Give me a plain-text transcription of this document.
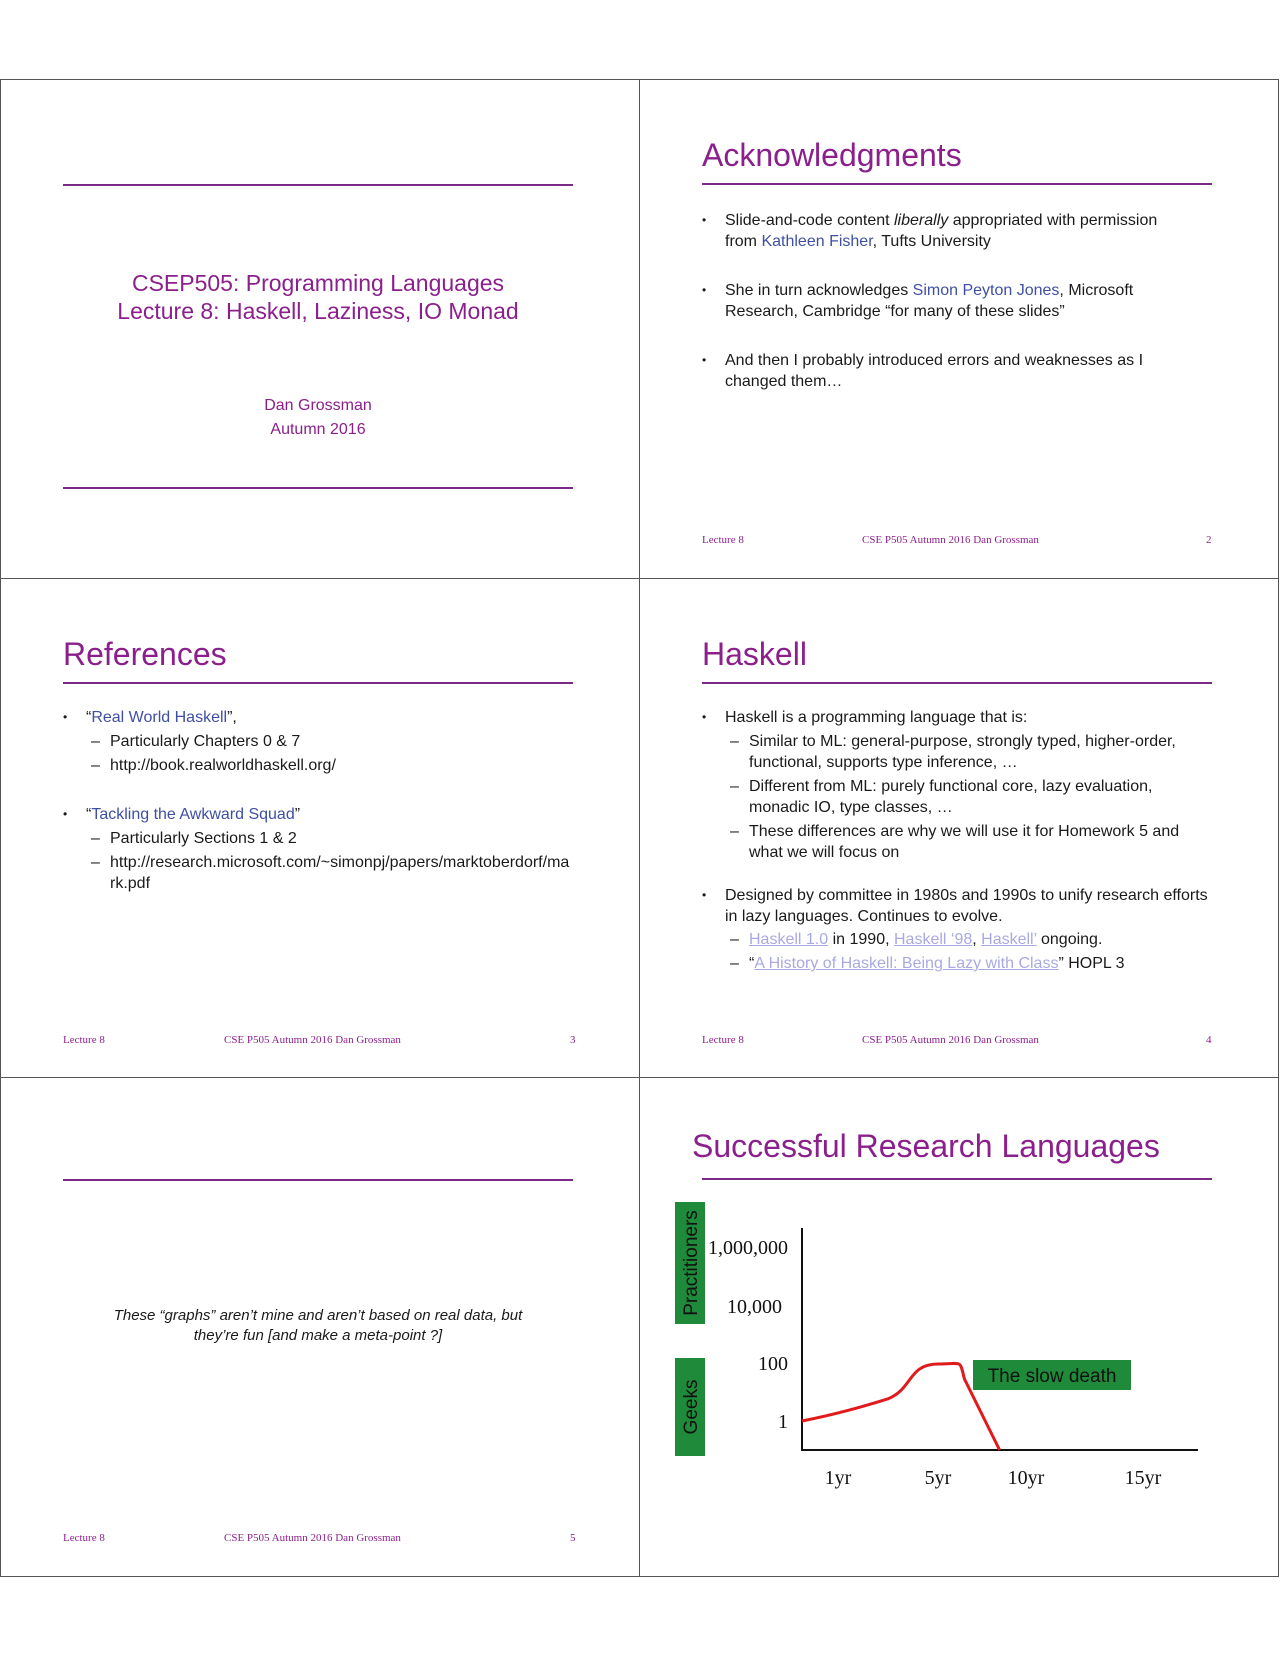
CSEP505: Programming Languages
Lecture 8: Haskell, Laziness, IO Monad
Dan Grossman
Autumn 2016
Acknowledgments
• Slide-and-code content liberally appropriated with permission from Kathleen Fisher, Tufts University
• She in turn acknowledges Simon Peyton Jones, Microsoft Research, Cambridge “for many of these slides”
• And then I probably introduced errors and weaknesses as I changed them…
Lecture 8	CSE P505 Autumn 2016 Dan Grossman	2
References
• “Real World Haskell”,
– Particularly Chapters 0 & 7
– http://book.realworldhaskell.org/
• “Tackling the Awkward Squad”
– Particularly Sections 1 & 2
– http://research.microsoft.com/~simonpj/papers/marktoberdorf/mark.pdf
Lecture 8	CSE P505 Autumn 2016 Dan Grossman	3
Haskell
• Haskell is a programming language that is:
– Similar to ML: general-purpose, strongly typed, higher-order, functional, supports type inference, …
– Different from ML: purely functional core, lazy evaluation, monadic IO, type classes, …
– These differences are why we will use it for Homework 5 and what we will focus on
• Designed by committee in 1980s and 1990s to unify research efforts in lazy languages. Continues to evolve.
– Haskell 1.0 in 1990, Haskell ‘98, Haskell’ ongoing.
– “A History of Haskell: Being Lazy with Class” HOPL 3
Lecture 8	CSE P505 Autumn 2016 Dan Grossman	4
These “graphs” aren’t mine and aren’t based on real data, but
they’re fun [and make a meta-point ?]
Lecture 8	CSE P505 Autumn 2016 Dan Grossman	5
Successful Research Languages
Practitioners
Geeks
1,000,000
10,000
100
1
The slow death
1yr	5yr	10yr	15yr
